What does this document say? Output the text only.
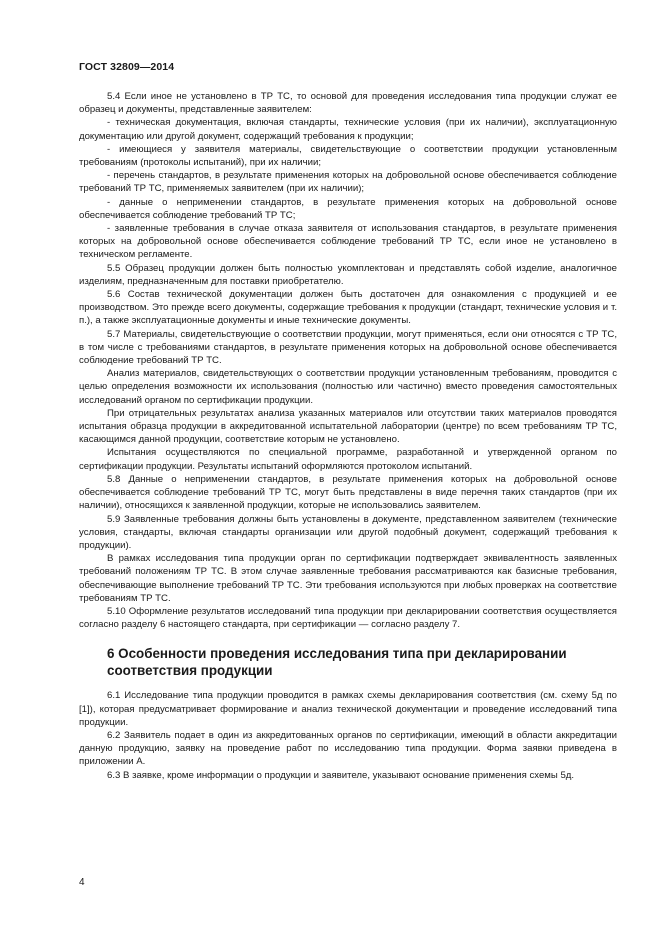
ГОСТ 32809—2014

5.4 Если иное не установлено в ТР ТС, то основой для проведения исследования типа продукции служат ее образец и документы, представленные заявителем:

- техническая документация, включая стандарты, технические условия (при их наличии), эксплуатационную документацию или другой документ, содержащий требования к продукции;

- имеющиеся у заявителя материалы, свидетельствующие о соответствии продукции установленным требованиям (протоколы испытаний), при их наличии;

- перечень стандартов, в результате применения которых на добровольной основе обеспечивается соблюдение требований ТР ТС, применяемых заявителем (при их наличии);

- данные о неприменении стандартов, в результате применения которых на добровольной основе обеспечивается соблюдение требований ТР ТС;

- заявленные требования в случае отказа заявителя от использования стандартов, в результате применения которых на добровольной основе обеспечивается соблюдение требований ТР ТС, если иное не установлено в техническом регламенте.

5.5 Образец продукции должен быть полностью укомплектован и представлять собой изделие, аналогичное изделиям, предназначенным для поставки приобретателю.

5.6 Состав технической документации должен быть достаточен для ознакомления с продукцией и ее производством. Это прежде всего документы, содержащие требования к продукции (стандарт, технические условия и т. п.), а также эксплуатационные документы и иные технические документы.

5.7 Материалы, свидетельствующие о соответствии продукции, могут применяться, если они относятся с ТР ТС, в том числе с требованиями стандартов, в результате применения которых на добровольной основе обеспечивается соблюдение требований ТР ТС.

Анализ материалов, свидетельствующих о соответствии продукции установленным требованиям, проводится с целью определения возможности их использования (полностью или частично) вместо проведения самостоятельных исследований органом по сертификации продукции.

При отрицательных результатах анализа указанных материалов или отсутствии таких материалов проводятся испытания образца продукции в аккредитованной испытательной лаборатории (центре) по всем требованиям ТР ТС, касающимся данной продукции, соответствие которым не установлено.

Испытания осуществляются по специальной программе, разработанной и утвержденной органом по сертификации продукции. Результаты испытаний оформляются протоколом испытаний.

5.8 Данные о неприменении стандартов, в результате применения которых на добровольной основе обеспечивается соблюдение требований ТР ТС, могут быть представлены в виде перечня таких стандартов (при их наличии), относящихся к заявленной продукции, которые не использовались заявителем.

5.9 Заявленные требования должны быть установлены в документе, представленном заявителем (технические условия, стандарты, включая стандарты организации или другой подобный документ, содержащий требования к продукции).

В рамках исследования типа продукции орган по сертификации подтверждает эквивалентность заявленных требований положениям ТР ТС. В этом случае заявленные требования рассматриваются как базисные требования, обеспечивающие выполнение требований ТР ТС. Эти требования используются при любых проверках на соответствие требованиям ТР ТС.

5.10 Оформление результатов исследований типа продукции при декларировании соответствия осуществляется согласно разделу 6 настоящего стандарта, при сертификации — согласно разделу 7.

6 Особенности проведения исследования типа при декларировании соответствия продукции

6.1 Исследование типа продукции проводится в рамках схемы декларирования соответствия (см. схему 5д по [1]), которая предусматривает формирование и анализ технической документации и проведение исследований типа продукции.

6.2 Заявитель подает в один из аккредитованных органов по сертификации, имеющий в области аккредитации данную продукцию, заявку на проведение работ по исследованию типа продукции. Форма заявки приведена в приложении А.

6.3 В заявке, кроме информации о продукции и заявителе, указывают основание применения схемы 5д.

4
